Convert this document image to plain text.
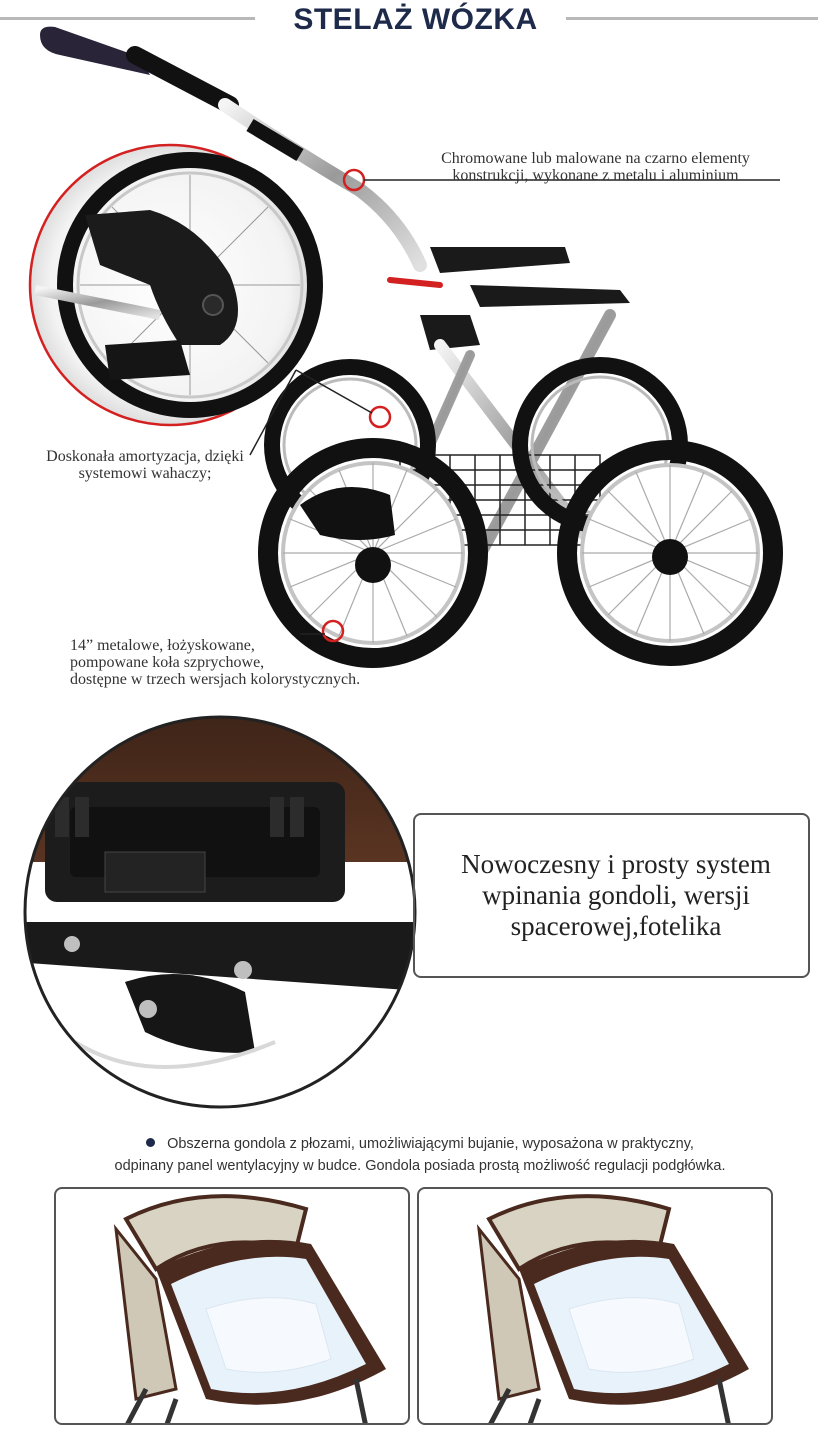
STELAŻ WÓZKA
Chromowane lub malowane na czarno elementy
konstrukcji, wykonane z metalu i aluminium
Doskonała amortyzacja, dzięki
systemowi wahaczy;
14” metalowe, łożyskowane,
pompowane koła szprychowe,
dostępne w trzech wersjach kolorystycznych.
Nowoczesny i prosty system
wpinania gondoli, wersji
spacerowej,fotelika
Obszerna gondola z płozami, umożliwiającymi bujanie, wyposażona w praktyczny,
odpinany panel wentylacyjny w budce. Gondola posiada prostą możliwość regulacji podgłówka.
